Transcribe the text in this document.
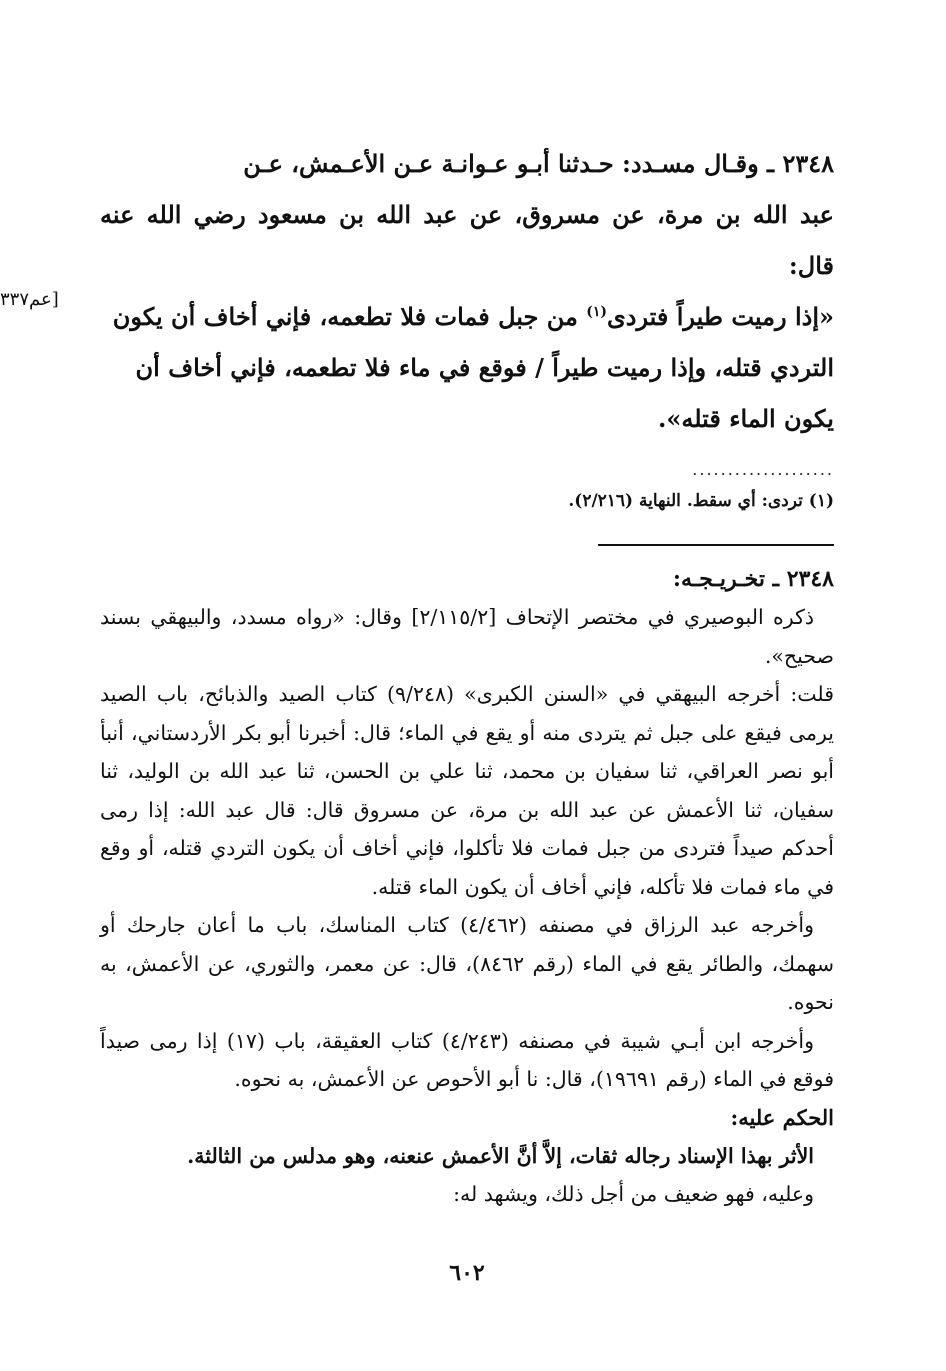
٢٣٤٨ ـ وقـال مسـدد: حـدثنا أبـو عـوانـة عـن الأعـمش، عـن

عبد الله بن مرة، عن مسروق، عن عبد الله بن مسعود رضي الله عنه قال:

«إذا رميت طيراً فتردى$^{(١)}$ من جبل فمات فلا تطعمه، فإني أخاف أن يكون

التردي قتله، وإذا رميت طيراً / فوقع في ماء فلا تطعمه، فإني أخاف أن

يكون الماء قتله».

[عم٣٣٧
....................
(١) تردى: أي سقط. النهاية (٢/٢١٦).
٢٣٤٨ ـ تخـريـجـه:

ذكره البوصيري في مختصر الإتحاف [٢/١١٥/٢] وقال: «رواه مسدد، والبيهقي بسند صحيح».

قلت: أخرجه البيهقي في «السنن الكبرى» (٩/٢٤٨) كتاب الصيد والذبائح، باب الصيد يرمى فيقع على جبل ثم يتردى منه أو يقع في الماء؛ قال: أخبرنا أبو بكر الأردستاني، أنبأ أبو نصر العراقي، ثنا سفيان بن محمد، ثنا علي بن الحسن، ثنا عبد الله بن الوليد، ثنا سفيان، ثنا الأعمش عن عبد الله بن مرة، عن مسروق قال: قال عبد الله: إذا رمى أحدكم صيداً فتردى من جبل فمات فلا تأكلوا، فإني أخاف أن يكون التردي قتله، أو وقع في ماء فمات فلا تأكله، فإني أخاف أن يكون الماء قتله.

وأخرجه عبد الرزاق في مصنفه (٤/٤٦٢) كتاب المناسك، باب ما أعان جارحك أو سهمك، والطائر يقع في الماء (رقم ٨٤٦٢)، قال: عن معمر، والثوري، عن الأعمش، به نحوه.

وأخرجه ابن أبـي شيبة في مصنفه (٤/٢٤٣) كتاب العقيقة، باب (١٧) إذا رمى صيداً فوقع في الماء (رقم ١٩٦٩١)، قال: نا أبو الأحوص عن الأعمش، به نحوه.

الحكم عليه:

الأثر بهذا الإسناد رجاله ثقات، إلاَّ أنَّ الأعمش عنعنه، وهو مدلس من الثالثة.

وعليه، فهو ضعيف من أجل ذلك، ويشهد له:

٦٠٢
